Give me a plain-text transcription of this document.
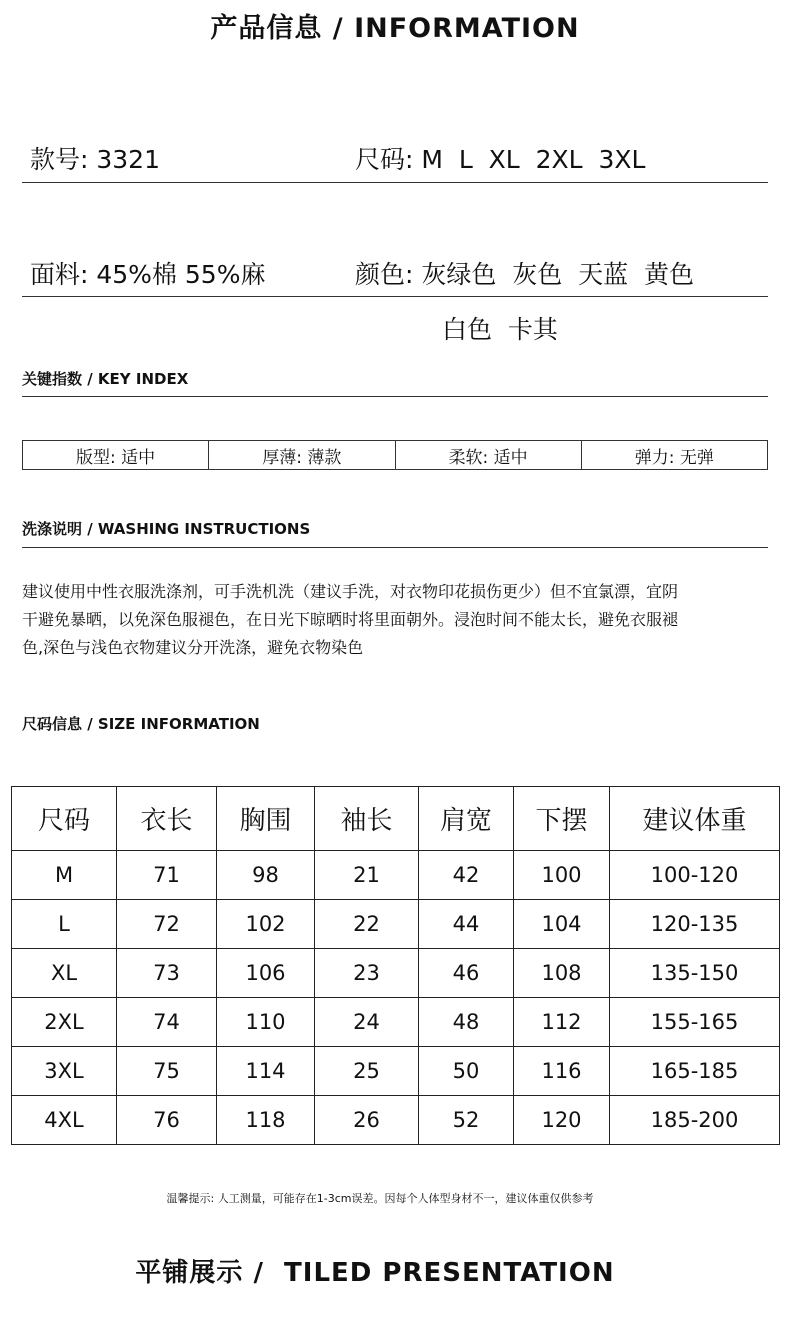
产品信息 / INFORMATION
款号: 3321	尺码: M  L  XL  2XL  3XL
面料: 45%棉 55%麻	颜色: 灰绿色  灰色  天蓝  黄色
白色  卡其
关键指数 / KEY INDEX
版型: 适中	厚薄: 薄款	柔软: 适中	弹力: 无弹
洗涤说明 / WASHING INSTRUCTIONS
建议使用中性衣服洗涤剂，可手洗机洗（建议手洗，对衣物印花损伤更少）但不宜氯漂，宜阴
干避免暴晒，以免深色服褪色，在日光下晾晒时将里面朝外。浸泡时间不能太长，避免衣服褪
色,深色与浅色衣物建议分开洗涤，避免衣物染色
尺码信息 / SIZE INFORMATION
尺码	衣长	胸围	袖长	肩宽	下摆	建议体重
M	71	98	21	42	100	100-120
L	72	102	22	44	104	120-135
XL	73	106	23	46	108	135-150
2XL	74	110	24	48	112	155-165
3XL	75	114	25	50	116	165-185
4XL	76	118	26	52	120	185-200
温馨提示: 人工测量，可能存在1-3cm误差。因每个人体型身材不一，建议体重仅供参考
平铺展示 /  TILED PRESENTATION
